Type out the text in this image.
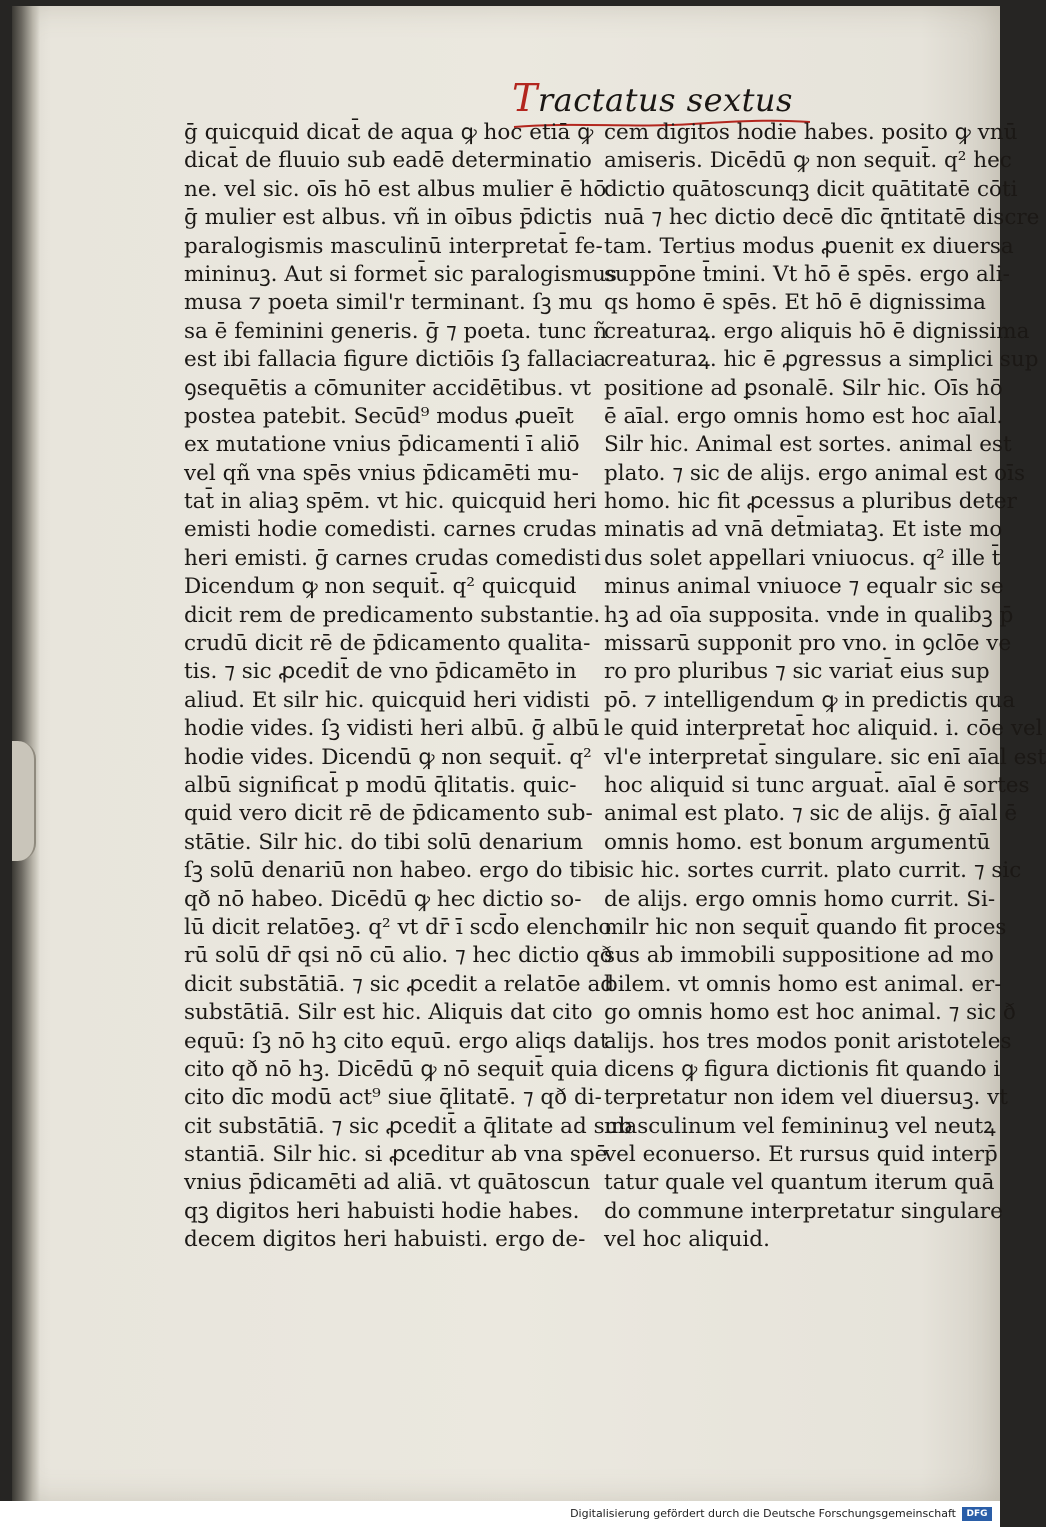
Tractatus sextus
ḡ quicquid dicat̄ de aqua ꝙ hoc etiā ꝙ
dicat̄ de fluuio sub eadē determinatio
ne. vel sic. oīs hō est albus mulier ē hō
ḡ mulier est albus. vñ in oībus p̄dictis
paralogismis masculinū interpretat̄ fe-
mininuꝫ. Aut si formet̄ sic paralogismus
musa ⁊ poeta simil'r terminant. ſꝫ mu
sa ē feminini generis. ḡ ⁊ poeta. tunc ñ
est ibi fallacia figure dictiōis ſꝫ fallacia
ꝯsequētis a cōmuniter accidētibus. vt
postea patebit. Secūd⁹ modus ꝓueīt
ex mutatione vnius p̄dicamenti ī aliō
vel qñ vna spēs vnius p̄dicamēti mu-
tat̄ in aliaꝫ spēm. vt hic. quicquid heri
emisti hodie comedisti. carnes crudas
heri emisti. ḡ carnes crudas comedisti
Dicendum ꝙ non sequit̄. q² quicquid
dicit rem de predicamento substantie.
crudū dicit rē de p̄dicamento qualita-
tis. ⁊ sic ꝓcedit̄ de vno p̄dicamēto in
aliud. Et silr hic. quicquid heri vidisti
hodie vides. ſꝫ vidisti heri albū. ḡ albū
hodie vides. Dicendū ꝙ non sequit̄. q²
albū significat̄ p modū q̄litatis. quic-
quid vero dicit rē de p̄dicamento sub-
stātie. Silr hic. do tibi solū denarium
ſꝫ solū denariū non habeo. ergo do tibi
qð nō habeo. Dicēdū ꝙ hec dictio so-
lū dicit relatōeꝫ. q² vt dr̄ ī scd̄o elencho
rū solū dr̄ qsi nō cū alio. ⁊ hec dictio qð
dicit substātiā. ⁊ sic ꝓcedit a relatōe ad
substātiā. Silr est hic. Aliquis dat cito
equū: ſꝫ nō hꝫ cito equū. ergo aliqs dat
cito qð nō hꝫ. Dicēdū ꝙ nō sequit̄ quia
cito dīc modū act⁹ siue q̄litatē. ⁊ qð di-
cit substātiā. ⁊ sic ꝓcedit̄ a q̄litate ad sub
stantiā. Silr hic. si ꝓceditur ab vna spē
vnius p̄dicamēti ad aliā. vt quātoscun
qꝫ digitos heri habuisti hodie habes.
decem digitos heri habuisti. ergo de-
cem digitos hodie habes. posito ꝙ vnū
amiseris. Dicēdū ꝙ non sequit̄. q² hec
dictio quātoscunqꝫ dicit quātitatē cōti
nuā ⁊ hec dictio decē dīc q̄ntitatē discre
tam. Tertius modus ꝓuenit ex diuersa
suppōne t̄mini. Vt hō ē spēs. ergo ali-
qs homo ē spēs. Et hō ē dignissima
creaturaꝝ. ergo aliquis hō ē dignissima
creaturaꝝ. hic ē ꝓgressus a simplici sup
positione ad ꝑsonalē. Silr hic. Oīs hō
ē aīal. ergo omnis homo est hoc aīal.
Silr hic. Animal est sortes. animal est
plato. ⁊ sic de alijs. ergo animal est oīs
homo. hic fit ꝓcessus a pluribus deter
minatis ad vnā det̄miataꝫ. Et iste mo
dus solet appellari vniuocus. q² ille t̄
minus animal vniuoce ⁊ equalr sic se
hꝫ ad oīa supposita. vnde in qualibꝫ p̄
missarū supponit pro vno. in ꝯclōe ve
ro pro pluribus ⁊ sic variat̄ eius sup
pō. ⁊ intelligendum ꝙ in predictis qua
le quid interpretat̄ hoc aliquid. i. cōe vel
vl'e interpretat̄ singulare. sic enī aīal est
hoc aliquid si tunc arguat̄. aīal ē sortes
animal est plato. ⁊ sic de alijs. ḡ aīal ē
omnis homo. est bonum argumentū
sic hic. sortes currit. plato currit. ⁊ sic
de alijs. ergo omnis homo currit. Si-
milr hic non sequit̄ quando fit proces
sus ab immobili suppositione ad mo
bilem. vt omnis homo est animal. er-
go omnis homo est hoc animal. ⁊ sic ð
alijs. hos tres modos ponit aristoteles
dicens ꝙ figura dictionis fit quando i
terpretatur non idem vel diuersuꝫ. vt
masculinum vel femininuꝫ vel neutꝝ
vel econuerso. Et rursus quid interp̄
tatur quale vel quantum iterum quā
do commune interpretatur singulare
vel hoc aliquid.
Digitalisierung gefördert durch die Deutsche Forschungsgemeinschaft	DFG
